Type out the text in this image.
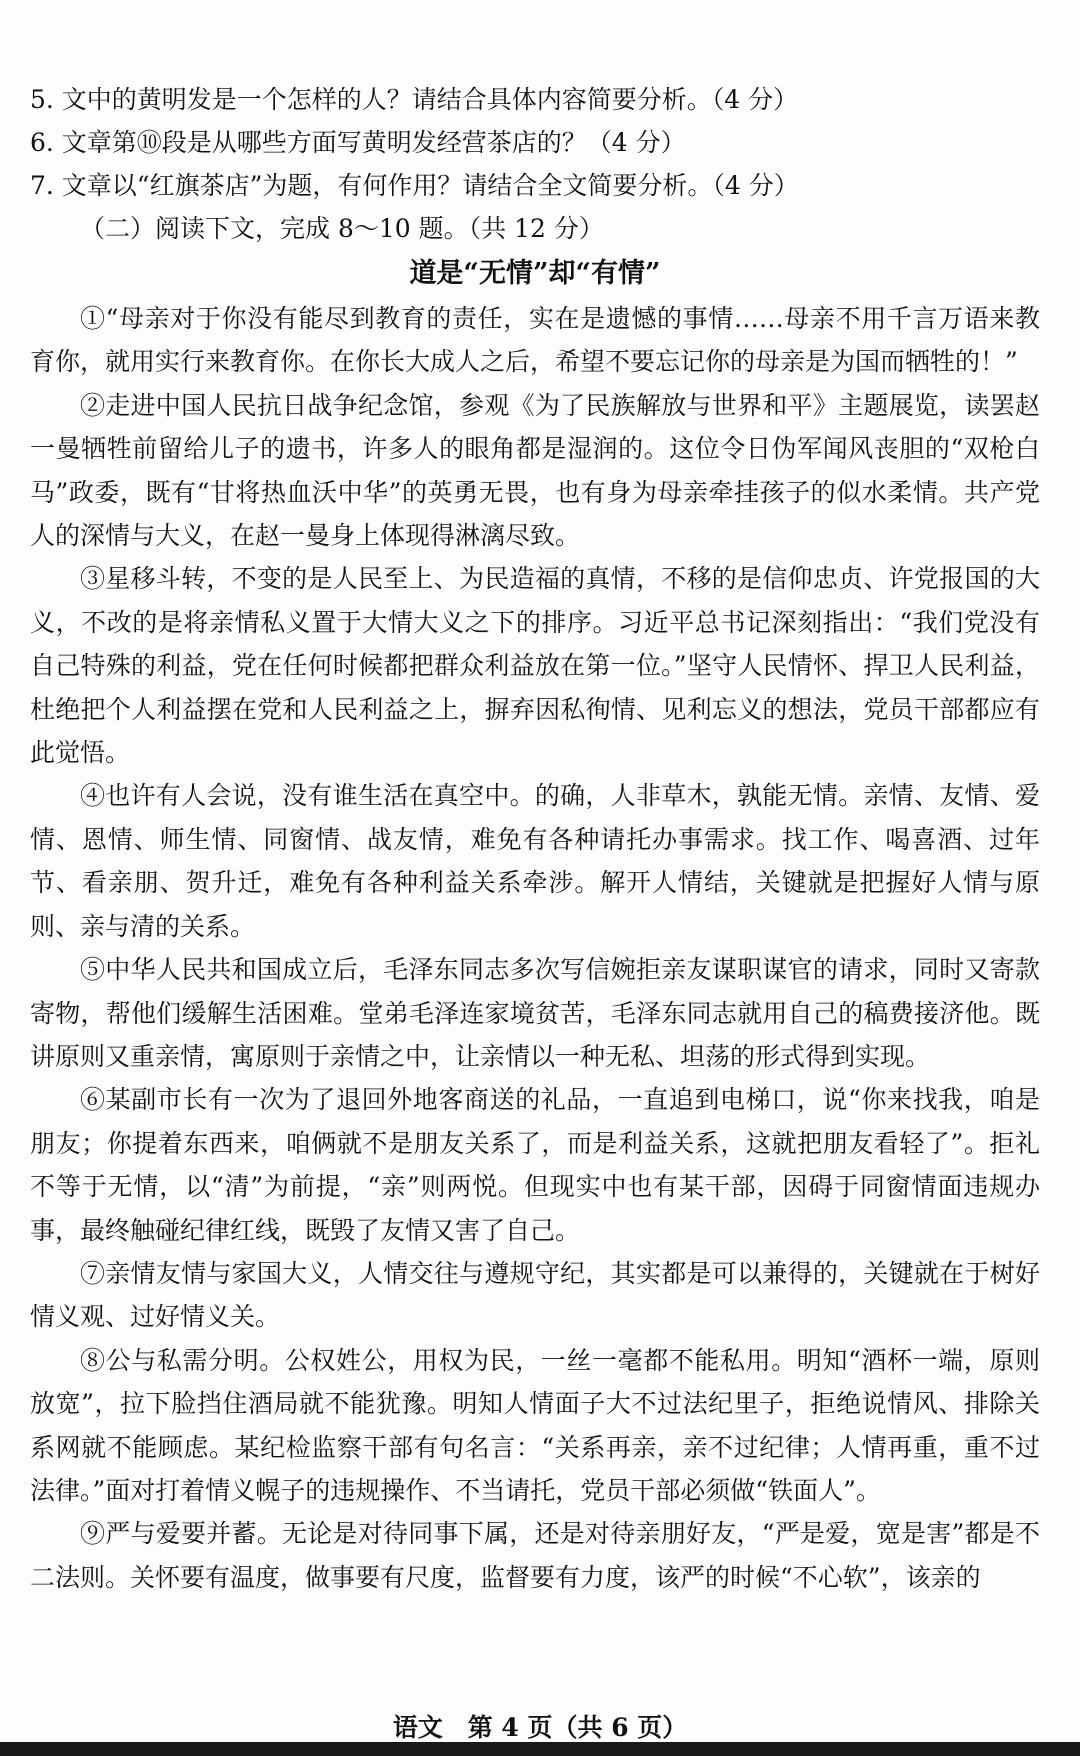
5. 文中的黄明发是一个怎样的人？请结合具体内容简要分析。（4 分）
6. 文章第⑩段是从哪些方面写黄明发经营茶店的？（4 分）
7. 文章以“红旗茶店”为题，有何作用？请结合全文简要分析。（4 分）
（二）阅读下文，完成 8～10 题。（共 12 分）
道是“无情”却“有情”

①“母亲对于你没有能尽到教育的责任，实在是遗憾的事情……母亲不用千言万语来教育你，就用实行来教育你。在你长大成人之后，希望不要忘记你的母亲是为国而牺牲的！”

②走进中国人民抗日战争纪念馆，参观《为了民族解放与世界和平》主题展览，读罢赵一曼牺牲前留给儿子的遗书，许多人的眼角都是湿润的。这位令日伪军闻风丧胆的“双枪白马”政委，既有“甘将热血沃中华”的英勇无畏，也有身为母亲牵挂孩子的似水柔情。共产党人的深情与大义，在赵一曼身上体现得淋漓尽致。

③星移斗转，不变的是人民至上、为民造福的真情，不移的是信仰忠贞、许党报国的大义，不改的是将亲情私义置于大情大义之下的排序。习近平总书记深刻指出：“我们党没有自己特殊的利益，党在任何时候都把群众利益放在第一位。”坚守人民情怀、捍卫人民利益，杜绝把个人利益摆在党和人民利益之上，摒弃因私徇情、见利忘义的想法，党员干部都应有此觉悟。

④也许有人会说，没有谁生活在真空中。的确，人非草木，孰能无情。亲情、友情、爱情、恩情、师生情、同窗情、战友情，难免有各种请托办事需求。找工作、喝喜酒、过年节、看亲朋、贺升迁，难免有各种利益关系牵涉。解开人情结，关键就是把握好人情与原则、亲与清的关系。

⑤中华人民共和国成立后，毛泽东同志多次写信婉拒亲友谋职谋官的请求，同时又寄款寄物，帮他们缓解生活困难。堂弟毛泽连家境贫苦，毛泽东同志就用自己的稿费接济他。既讲原则又重亲情，寓原则于亲情之中，让亲情以一种无私、坦荡的形式得到实现。

⑥某副市长有一次为了退回外地客商送的礼品，一直追到电梯口，说“你来找我，咱是朋友；你提着东西来，咱俩就不是朋友关系了，而是利益关系，这就把朋友看轻了”。拒礼不等于无情，以“清”为前提，“亲”则两悦。但现实中也有某干部，因碍于同窗情面违规办事，最终触碰纪律红线，既毁了友情又害了自己。

⑦亲情友情与家国大义，人情交往与遵规守纪，其实都是可以兼得的，关键就在于树好情义观、过好情义关。

⑧公与私需分明。公权姓公，用权为民，一丝一毫都不能私用。明知“酒杯一端，原则放宽”，拉下脸挡住酒局就不能犹豫。明知人情面子大不过法纪里子，拒绝说情风、排除关系网就不能顾虑。某纪检监察干部有句名言：“关系再亲，亲不过纪律；人情再重，重不过法律。”面对打着情义幌子的违规操作、不当请托，党员干部必须做“铁面人”。

⑨严与爱要并蓄。无论是对待同事下属，还是对待亲朋好友，“严是爱，宽是害”都是不二法则。关怀要有温度，做事要有尺度，监督要有力度，该严的时候“不心软”，该亲的

语文　第 4 页（共 6 页）
